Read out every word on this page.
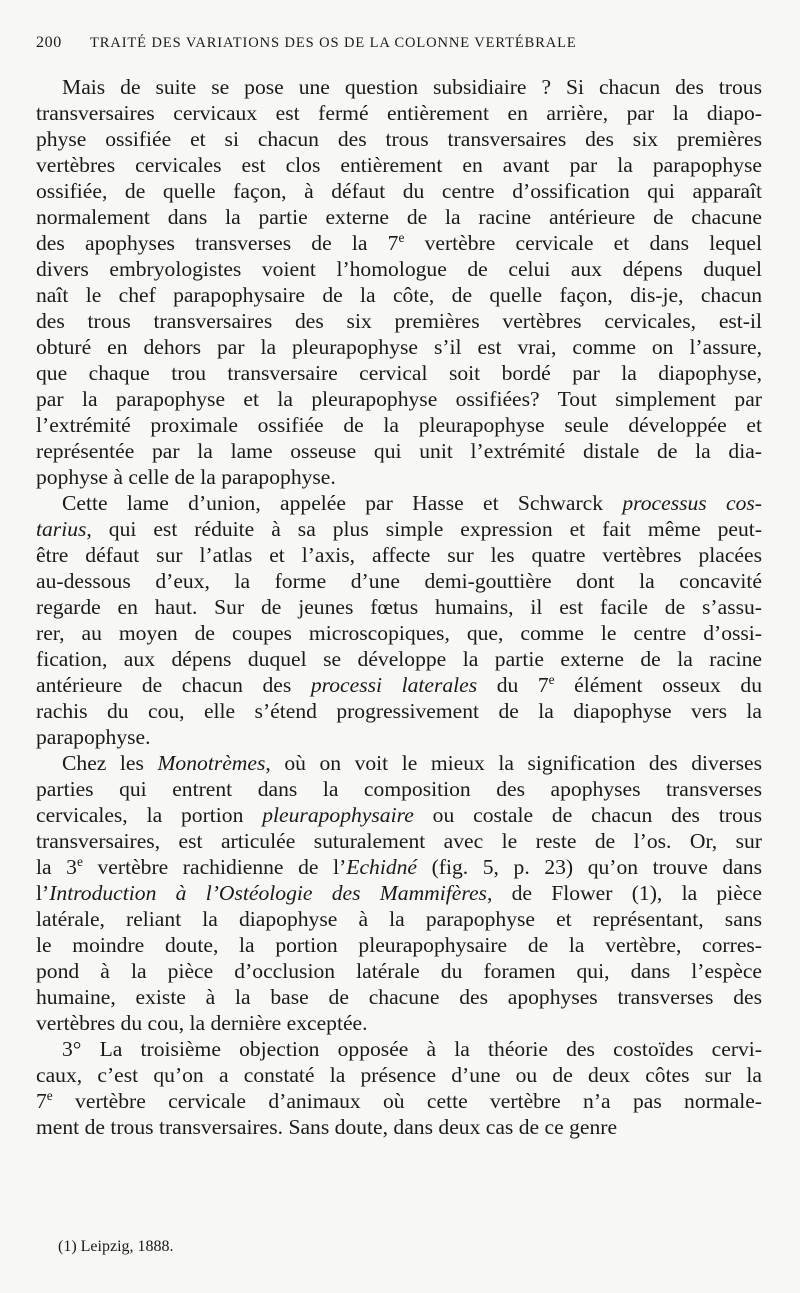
200	TRAITÉ DES VARIATIONS DES OS DE LA COLONNE VERTÉBRALE
Mais de suite se pose une question subsidiaire ? Si chacun des trous
transversaires cervicaux est fermé entièrement en arrière, par la diapo-
physe ossifiée et si chacun des trous transversaires des six premières
vertèbres cervicales est clos entièrement en avant par la parapophyse
ossifiée, de quelle façon, à défaut du centre d’ossification qui apparaît
normalement dans la partie externe de la racine antérieure de chacune
des apophyses transverses de la 7e vertèbre cervicale et dans lequel
divers embryologistes voient l’homologue de celui aux dépens duquel
naît le chef parapophysaire de la côte, de quelle façon, dis-je, chacun
des trous transversaires des six premières vertèbres cervicales, est-il
obturé en dehors par la pleurapophyse s’il est vrai, comme on l’assure,
que chaque trou transversaire cervical soit bordé par la diapophyse,
par la parapophyse et la pleurapophyse ossifiées? Tout simplement par
l’extrémité proximale ossifiée de la pleurapophyse seule développée et
représentée par la lame osseuse qui unit l’extrémité distale de la dia-
pophyse à celle de la parapophyse.
Cette lame d’union, appelée par Hasse et Schwarck processus cos-
tarius, qui est réduite à sa plus simple expression et fait même peut-
être défaut sur l’atlas et l’axis, affecte sur les quatre vertèbres placées
au-dessous d’eux, la forme d’une demi-gouttière dont la concavité
regarde en haut. Sur de jeunes fœtus humains, il est facile de s’assu-
rer, au moyen de coupes microscopiques, que, comme le centre d’ossi-
fication, aux dépens duquel se développe la partie externe de la racine
antérieure de chacun des processi laterales du 7e élément osseux du
rachis du cou, elle s’étend progressivement de la diapophyse vers la
parapophyse.
Chez les Monotrèmes, où on voit le mieux la signification des diverses
parties qui entrent dans la composition des apophyses transverses
cervicales, la portion pleurapophysaire ou costale de chacun des trous
transversaires, est articulée suturalement avec le reste de l’os. Or, sur
la 3e vertèbre rachidienne de l’Echidné (fig. 5, p. 23) qu’on trouve dans
l’Introduction à l’Ostéologie des Mammifères, de Flower (1), la pièce
latérale, reliant la diapophyse à la parapophyse et représentant, sans
le moindre doute, la portion pleurapophysaire de la vertèbre, corres-
pond à la pièce d’occlusion latérale du foramen qui, dans l’espèce
humaine, existe à la base de chacune des apophyses transverses des
vertèbres du cou, la dernière exceptée.
3° La troisième objection opposée à la théorie des costoïdes cervi-
caux, c’est qu’on a constaté la présence d’une ou de deux côtes sur la
7e vertèbre cervicale d’animaux où cette vertèbre n’a pas normale-
ment de trous transversaires. Sans doute, dans deux cas de ce genre
(1) Leipzig, 1888.
